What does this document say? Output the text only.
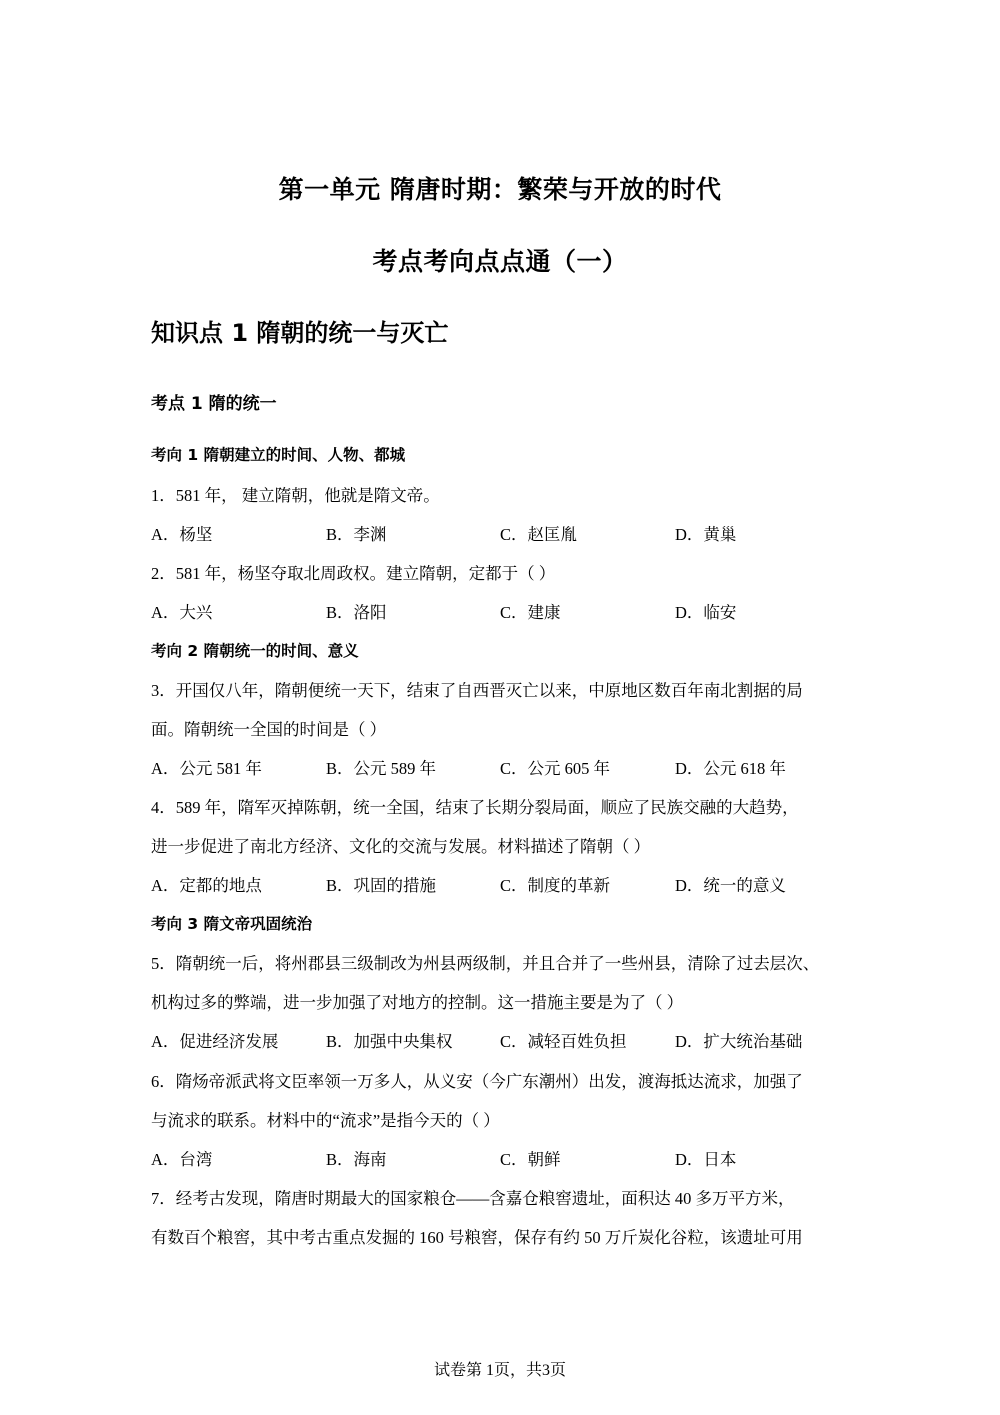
第一单元 隋唐时期：繁荣与开放的时代
考点考向点点通（一）
知识点 1 隋朝的统一与灭亡
考点 1 隋的统一
考向 1 隋朝建立的时间、人物、都城
1．581 年， 建立隋朝，他就是隋文帝。
A．杨坚	B．李渊	C．赵匡胤	D．黄巢
2．581 年，杨坚夺取北周政权。建立隋朝，定都于（ ）
A．大兴	B．洛阳	C．建康	D．临安
考向 2 隋朝统一的时间、意义
3．开国仅八年，隋朝便统一天下，结束了自西晋灭亡以来，中原地区数百年南北割据的局
面。隋朝统一全国的时间是（ ）
A．公元 581 年	B．公元 589 年	C．公元 605 年	D．公元 618 年
4．589 年，隋军灭掉陈朝，统一全国，结束了长期分裂局面，顺应了民族交融的大趋势，
进一步促进了南北方经济、文化的交流与发展。材料描述了隋朝（ ）
A．定都的地点	B．巩固的措施	C．制度的革新	D．统一的意义
考向 3 隋文帝巩固统治
5．隋朝统一后，将州郡县三级制改为州县两级制，并且合并了一些州县，清除了过去层次、
机构过多的弊端，进一步加强了对地方的控制。这一措施主要是为了（ ）
A．促进经济发展	B．加强中央集权	C．减轻百姓负担	D．扩大统治基础
6．隋炀帝派武将文臣率领一万多人，从义安（今广东潮州）出发，渡海抵达流求，加强了
与流求的联系。材料中的“流求”是指今天的（ ）
A．台湾	B．海南	C．朝鲜	D．日本
7．经考古发现，隋唐时期最大的国家粮仓——含嘉仓粮窖遗址，面积达 40 多万平方米，
有数百个粮窖，其中考古重点发掘的 160 号粮窖，保存有约 50 万斤炭化谷粒，该遗址可用
试卷第 1页，共3页
